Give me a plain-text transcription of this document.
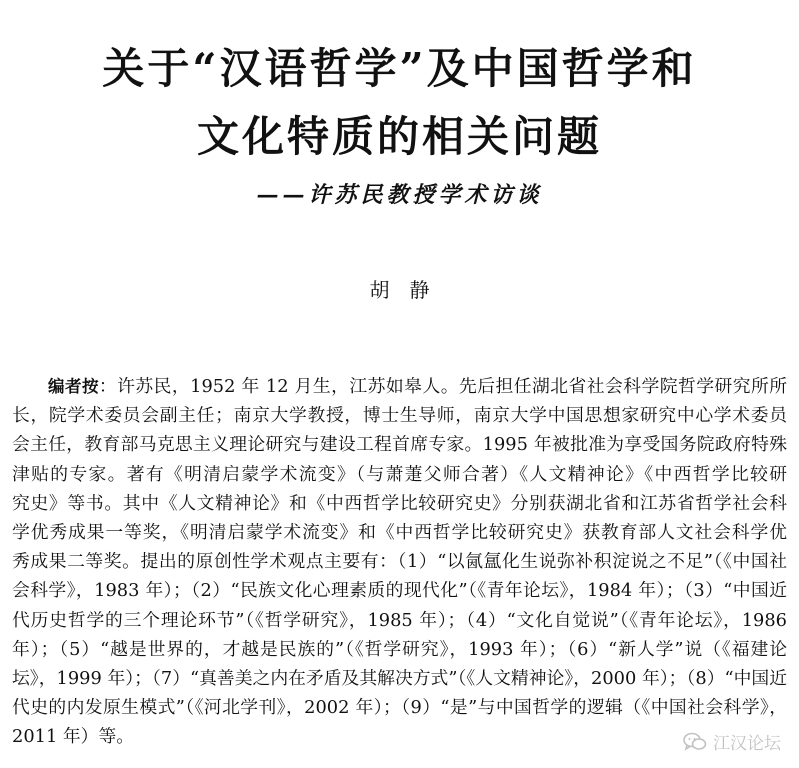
关于“汉语哲学”及中国哲学和
文化特质的相关问题
——许苏民教授学术访谈
胡　静
编者按：许苏民，1952 年 12 月生，江苏如皋人。先后担任湖北省社会科学院哲学研究所所
长，院学术委员会副主任；南京大学教授，博士生导师，南京大学中国思想家研究中心学术委员
会主任，教育部马克思主义理论研究与建设工程首席专家。1995 年被批准为享受国务院政府特殊
津贴的专家。著有《明清启蒙学术流变》（与萧萐父师合著）《人文精神论》《中西哲学比较研
究史》等书。其中《人文精神论》和《中西哲学比较研究史》分别获湖北省和江苏省哲学社会科
学优秀成果一等奖，《明清启蒙学术流变》和《中西哲学比较研究史》获教育部人文社会科学优
秀成果二等奖。提出的原创性学术观点主要有：（1）“以氤氲化生说弥补积淀说之不足”（《中国社
会科学》，1983 年）；（2）“民族文化心理素质的现代化”（《青年论坛》，1984 年）；（3）“中国近
代历史哲学的三个理论环节”（《哲学研究》，1985 年）；（4）“文化自觉说”（《青年论坛》，1986
年）；（5）“越是世界的，才越是民族的”（《哲学研究》，1993 年）；（6）“新人学”说（《福建论
坛》，1999 年）；（7）“真善美之内在矛盾及其解决方式”（《人文精神论》，2000 年）；（8）“中国近
代史的内发原生模式”（《河北学刊》，2002 年）；（9）“是”与中国哲学的逻辑（《中国社会科学》，
2011 年）等。	江汉论坛
